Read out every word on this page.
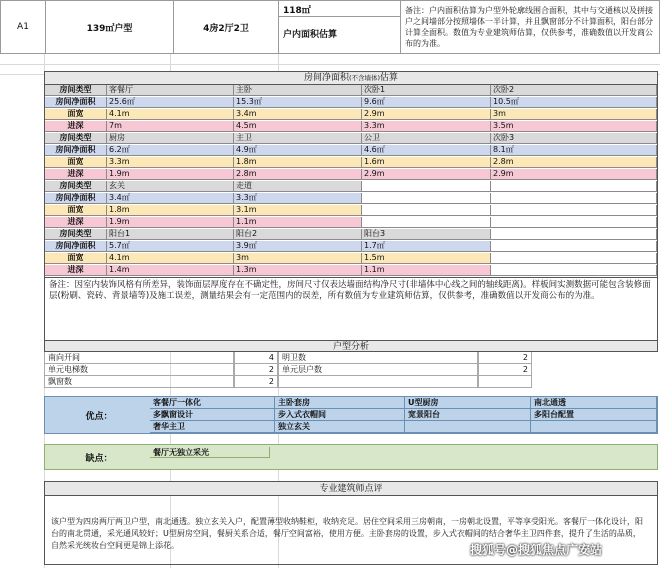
A1	139㎡户型	4房2厅2卫
118㎡
户内面积估算
备注：户内面积估算为户型外轮廓线围合面积，其中与交通核以及拼接户之间墙部分按照墙体一半计算，并且飘窗部分不计算面积，阳台部分计算全面积。数值为专业建筑师估算，仅供参考，准确数值以开发商公布的为准。
房间净面积(不含墙体)估算
房间类型	客餐厅	主卧	次卧1	次卧2
房间净面积	25.6㎡	15.3㎡	9.6㎡	10.5㎡
面宽	4.1m	3.4m	2.9m	3m
进深	7m	4.5m	3.3m	3.5m
房间类型	厨房	主卫	公卫	次卧3
房间净面积	6.2㎡	4.9㎡	4.6㎡	8.1㎡
面宽	3.3m	1.8m	1.6m	2.8m
进深	1.9m	2.8m	2.9m	2.9m
房间类型	玄关	走道
房间净面积	3.4㎡	3.3㎡
面宽	1.8m	3.1m
进深	1.9m	1.1m
房间类型	阳台1	阳台2	阳台3
房间净面积	5.7㎡	3.9㎡	1.7㎡
面宽	4.1m	3m	1.5m
进深	1.4m	1.3m	1.1m
备注：因室内装饰风格有所差异，装饰面层厚度存在不确定性，房间尺寸仅表达墙面结构净尺寸(非墙体中心线之间的轴线距离)。样板间实测数据可能包含装修面层(粉刷、瓷砖、背景墙等)及施工误差，测量结果会有一定范围内的误差，所有数值为专业建筑师估算，仅供参考，准确数值以开发商公布的为准。
户型分析
南向开间	4	明卫数	2
单元电梯数	2	单元层户数	2
飘窗数	2
优点：
客餐厅一体化	主卧套房	U型厨房	南北通透
多飘窗设计	步入式衣帽间	宽景阳台	多阳台配置
奢华主卫	独立玄关
缺点：
餐厅无独立采光
专业建筑师点评
该户型为四房两厅两卫户型，南北通透。独立玄关入户，配置薄型收纳鞋柜，收纳充足。居住空间采用三房朝南，一房朝北设置，平等享受阳光。客餐厅一体化设计，阳台的南北贯通，采光通风较好；U型厨房空间，餐厨关系合适，餐厅空间富裕，使用方便。主卧套房的设置，步入式衣帽间的结合奢华主卫四件套，提升了生活的品质，自然采光统妆台空间更是锦上添花。	搜狐号@搜狐焦点广安站
